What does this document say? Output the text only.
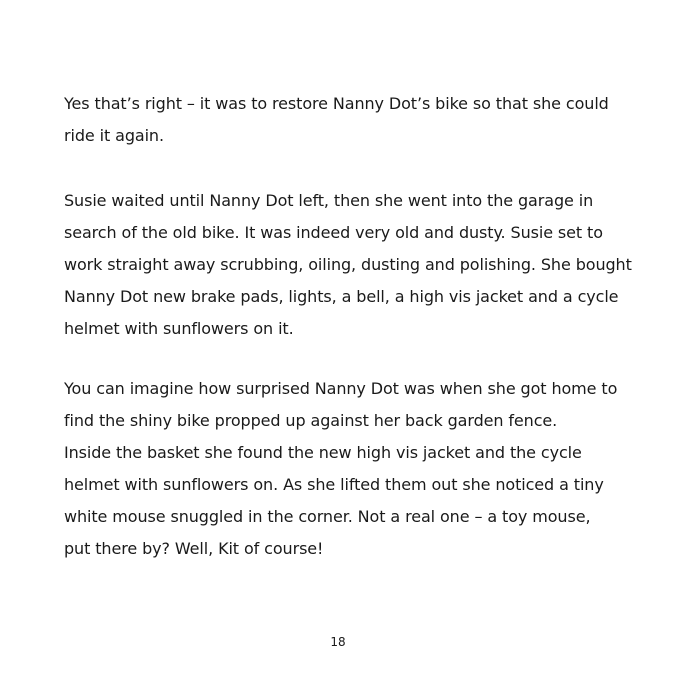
Yes that’s right – it was to restore Nanny Dot’s bike so that she could
ride it again.
Susie waited until Nanny Dot left, then she went into the garage in
search of the old bike. It was indeed very old and dusty. Susie set to
work straight away scrubbing, oiling, dusting and polishing. She bought
Nanny Dot new brake pads, lights, a bell, a high vis jacket and a cycle
helmet with sunflowers on it.
You can imagine how surprised Nanny Dot was when she got home to
find the shiny bike propped up against her back garden fence.
Inside the basket she found the new high vis jacket and the cycle
helmet with sunflowers on. As she lifted them out she noticed a tiny
white mouse snuggled in the corner. Not a real one – a toy mouse,
put there by? Well, Kit of course!
18
